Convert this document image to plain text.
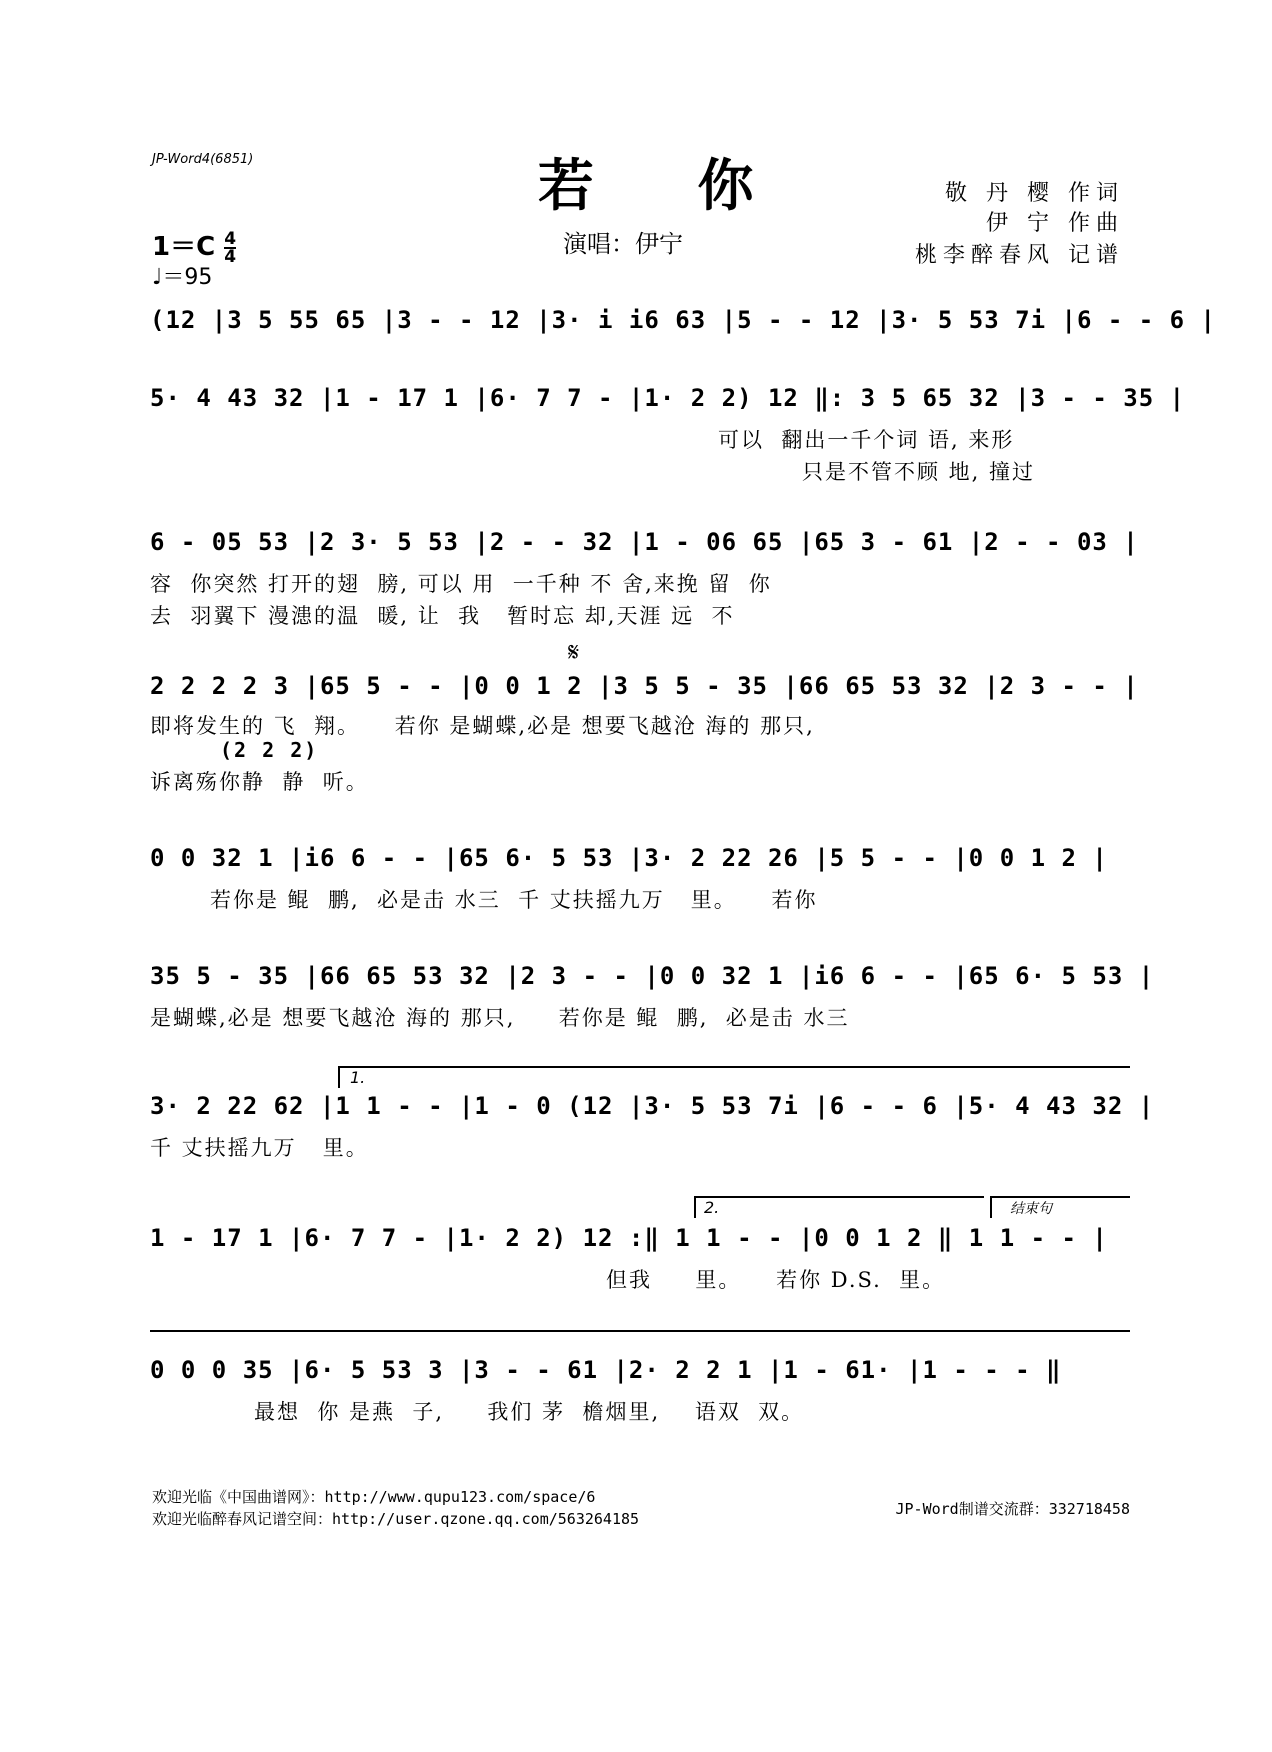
JP-Word4(6851)	若 你
演唱：伊宁
敬 丹 樱 作词
伊 宁 作曲
桃李醉春风 记谱
$1=C \frac{4}{4}$
♩＝95
(12 |3 5 55 65 |3 - - 12 |3· i i6 63 |5 - - 12 |3· 5 53 7i |6 - - 6 |
5· 4 43 32 |1 - 17 1 |6· 7 7 - |1· 2 2) 12 ‖: 3 5 65 32 |3 - - 35 |
可以  翻出一千个词 语, 来形
只是不管不顾 地, 撞过
6 - 05 53 |2 3· 5 53 |2 - - 32 |1 - 06 65 |65 3 - 61 |2 - - 03 |
容  你突然 打开的翅  膀, 可以 用  一千种 不 舍,来挽 留  你
去  羽翼下 漫漶的温  暖, 让  我   暂时忘 却,天涯 远  不
𝄋
2 2 2 2 3 |65 5 - - |0 0 1 2 |3 5 5 - 35 |66 65 53 32 |2 3 - - |
即将发生的 飞  翔。    若你 是蝴蝶,必是 想要飞越沧 海的 那只,
(2 2 2)
诉离殇你静  静  听。
0 0 32 1 |i6 6 - - |65 6· 5 53 |3· 2 22 26 |5 5 - - |0 0 1 2 |
若你是 鲲  鹏,  必是击 水三  千 丈扶摇九万   里。    若你
35 5 - 35 |66 65 53 32 |2 3 - - |0 0 32 1 |i6 6 - - |65 6· 5 53 |
是蝴蝶,必是 想要飞越沧 海的 那只,     若你是 鲲  鹏,  必是击 水三
1.
3· 2 22 62 |1 1 - - |1 - 0 (12 |3· 5 53 7i |6 - - 6 |5· 4 43 32 |
千 丈扶摇九万   里。
2.	结束句
1 - 17 1 |6· 7 7 - |1· 2 2) 12 :‖ 1 1 - - |0 0 1 2 ‖ 1 1 - - |
但我     里。    若你 D.S.  里。
0 0 0 35 |6· 5 53 3 |3 - - 61 |2· 2 2 1 |1 - 61· |1 - - - ‖
最想  你 是燕  子,     我们 茅  檐烟里,    语双  双。
欢迎光临《中国曲谱网》：http://www.qupu123.com/space/6
欢迎光临醉春风记谱空间：http://user.qzone.qq.com/563264185
JP-Word制谱交流群：332718458
